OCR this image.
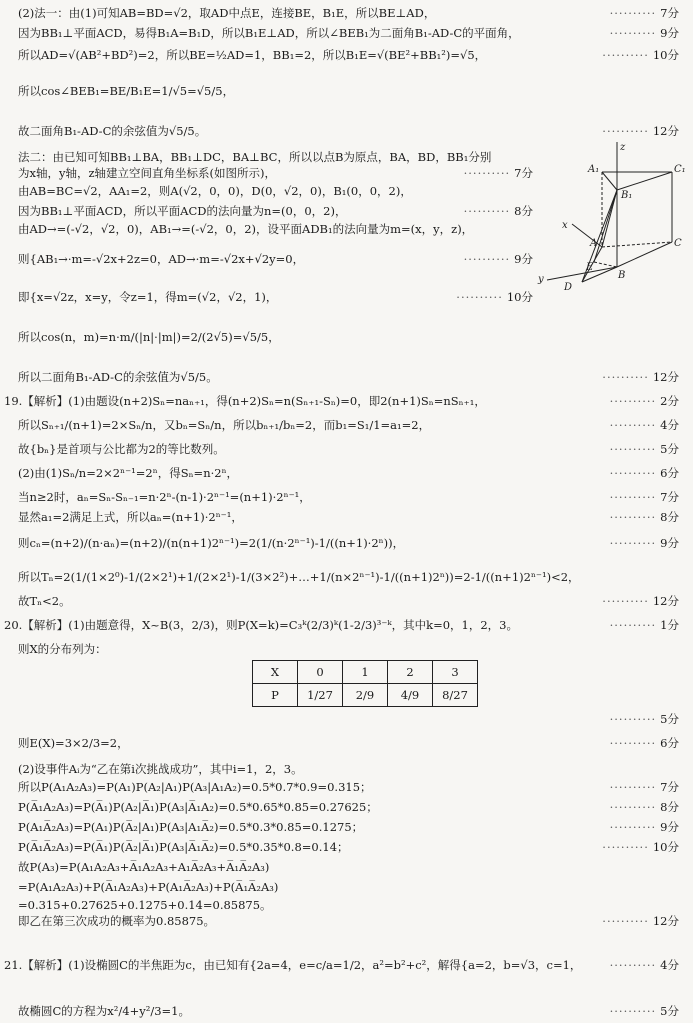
(2)法一：由(1)可知AB=BD=√2，取AD中点E，连接BE，B₁E，所以BE⊥AD，	····· 7分
因为BB₁⊥平面ACD，易得B₁A=B₁D，所以B₁E⊥AD，所以∠BEB₁为二面角B₁-AD-C的平面角，	····· 9分
所以AD=√(AB²+BD²)=2，所以BE=½AD=1，BB₁=2，所以B₁E=√(BE²+BB₁²)=√5，	····· 10分
所以cos∠BEB₁=BE/B₁E=1/√5=√5/5，
故二面角B₁-AD-C的余弦值为√5/5。	····· 12分
法二：由已知可知BB₁⊥BA，BB₁⊥DC，BA⊥BC，所以以点B为原点，BA，BD，BB₁分别
为x轴，y轴，z轴建立空间直角坐标系(如图所示)，	····· 7分
由AB=BC=√2，AA₁=2，则A(√2，0，0)，D(0，√2，0)，B₁(0，0，2)，
因为BB₁⊥平面ACD，所以平面ACD的法向量为n=(0，0，2)，	····· 8分
由AD→=(-√2，√2，0)，AB₁→=(-√2，0，2)，设平面ADB₁的法向量为m=(x，y，z)，
则{AB₁→·m=-√2x+2z=0，AD→·m=-√2x+√2y=0，	····· 9分
即{x=√2z，x=y，令z=1，得m=(√2，√2，1)，	····· 10分
所以cos(n，m)=n·m/(|n|·|m|)=2/(2√5)=√5/5，
所以二面角B₁-AD-C的余弦值为√5/5。	····· 12分
19.【解析】(1)由题设(n+2)Sₙ=naₙ₊₁，得(n+2)Sₙ=n(Sₙ₊₁-Sₙ)=0，即2(n+1)Sₙ=nSₙ₊₁，	····· 2分
所以Sₙ₊₁/(n+1)=2×Sₙ/n，又bₙ=Sₙ/n，所以bₙ₊₁/bₙ=2，而b₁=S₁/1=a₁=2，	····· 4分
故{bₙ}是首项与公比都为2的等比数列。	····· 5分
(2)由(1)Sₙ/n=2×2ⁿ⁻¹=2ⁿ，得Sₙ=n·2ⁿ，	····· 6分
当n≥2时，aₙ=Sₙ-Sₙ₋₁=n·2ⁿ-(n-1)·2ⁿ⁻¹=(n+1)·2ⁿ⁻¹，	····· 7分
显然a₁=2满足上式，所以aₙ=(n+1)·2ⁿ⁻¹，	····· 8分
则cₙ=(n+2)/(n·aₙ)=(n+2)/(n(n+1)2ⁿ⁻¹)=2(1/(n·2ⁿ⁻¹)-1/((n+1)·2ⁿ))，	····· 9分
所以Tₙ=2(1/(1×2⁰)-1/(2×2¹)+1/(2×2¹)-1/(3×2²)+…+1/(n×2ⁿ⁻¹)-1/((n+1)2ⁿ))=2-1/((n+1)2ⁿ⁻¹)<2，
故Tₙ<2。	····· 12分
20.【解析】(1)由题意得，X~B(3，2/3)，则P(X=k)=C₃ᵏ(2/3)ᵏ(1-2/3)³⁻ᵏ，其中k=0，1，2，3。	····· 1分
则X的分布列为：
X	0	1	2	3
P	1/27	2/9	4/9	8/27
····· 5分
则E(X)=3×2/3=2，	····· 6分
(2)设事件Aᵢ为“乙在第i次挑战成功”，其中i=1，2，3。
所以P(A₁A₂A₃)=P(A₁)P(A₂|A₁)P(A₃|A₁A₂)=0.5*0.7*0.9=0.315；	····· 7分
P(A̅₁A₂A₃)=P(A̅₁)P(A₂|A̅₁)P(A₃|A̅₁A₂)=0.5*0.65*0.85=0.27625；	····· 8分
P(A₁A̅₂A₃)=P(A₁)P(A̅₂|A₁)P(A₃|A₁A̅₂)=0.5*0.3*0.85=0.1275；	····· 9分
P(A̅₁A̅₂A₃)=P(A̅₁)P(A̅₂|A̅₁)P(A₃|A̅₁A̅₂)=0.5*0.35*0.8=0.14；	····· 10分
故P(A₃)=P(A₁A₂A₃+A̅₁A₂A₃+A₁A̅₂A₃+A̅₁A̅₂A₃)
=P(A₁A₂A₃)+P(A̅₁A₂A₃)+P(A₁A̅₂A₃)+P(A̅₁A̅₂A₃)
=0.315+0.27625+0.1275+0.14=0.85875。
即乙在第三次成功的概率为0.85875。	····· 12分
21.【解析】(1)设椭圆C的半焦距为c，由已知有{2a=4，e=c/a=1/2，a²=b²+c²，解得{a=2，b=√3，c=1，	····· 4分
故椭圆C的方程为x²/4+y²/3=1。	····· 5分
z
A₁	C₁
B₁
A	C
x
E
B
y
D
